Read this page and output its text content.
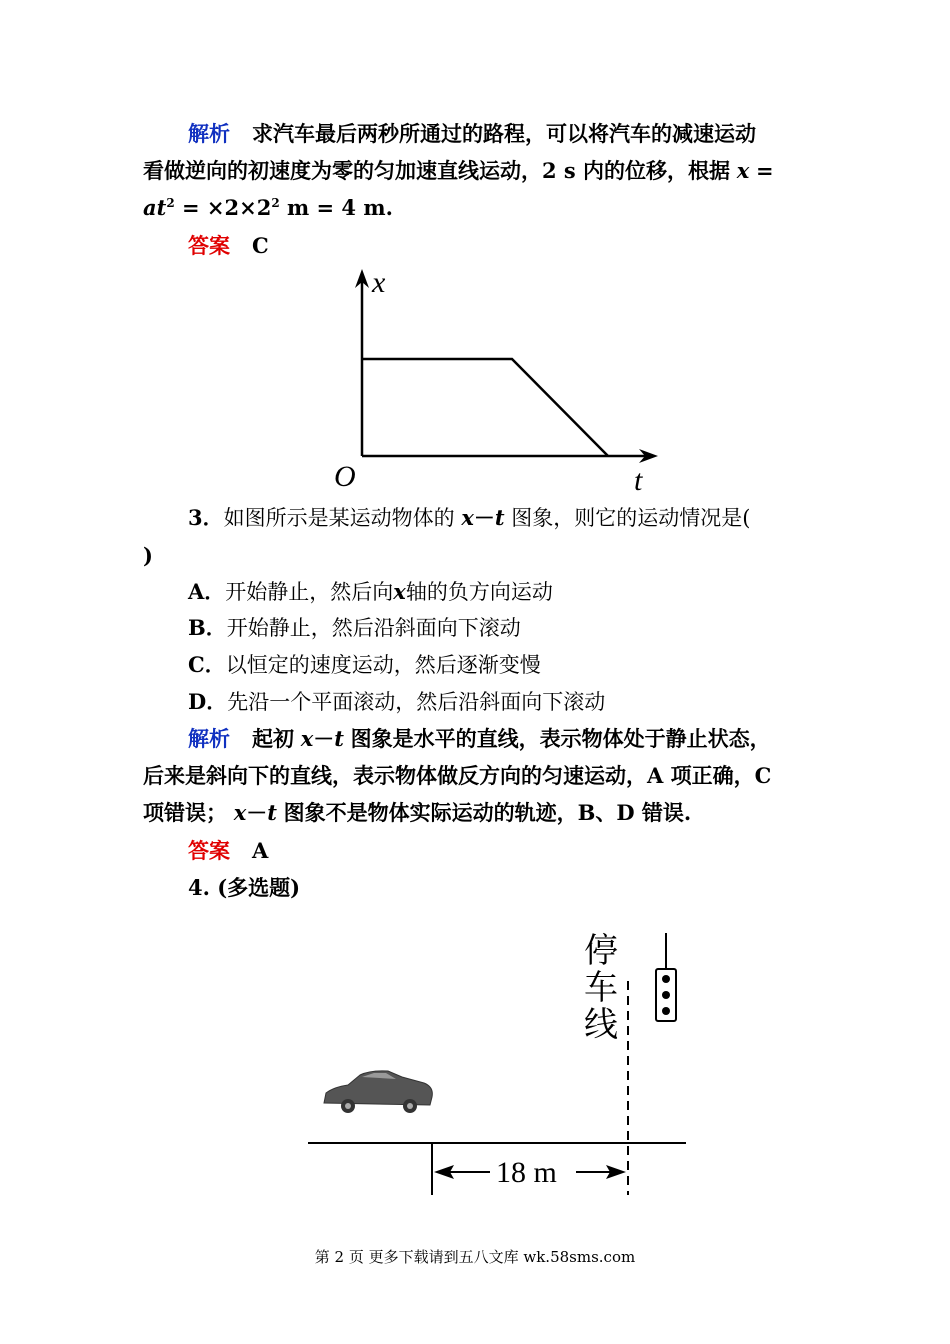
解析 求汽车最后两秒所通过的路程，可以将汽车的减速运动
看做逆向的初速度为零的匀加速直线运动，2 s 内的位移，根据 x =
$at^2 = \times 2\times 2^2$ m = 4 m.
答案 C
x
t
O
3．如图所示是某运动物体的 x－t 图象，则它的运动情况是(
)
A．开始静止，然后向x轴的负方向运动
B．开始静止，然后沿斜面向下滚动
C．以恒定的速度运动，然后逐渐变慢
D．先沿一个平面滚动，然后沿斜面向下滚动
解析 起初 x－t 图象是水平的直线，表示物体处于静止状态，
后来是斜向下的直线，表示物体做反方向的匀速运动，A 项正确，C
项错误； x－t 图象不是物体实际运动的轨迹，B、D 错误.
答案 A
4. (多选题)
停
车
线
18 m
第 2 页 更多下载请到五八文库 wk.58sms.com
